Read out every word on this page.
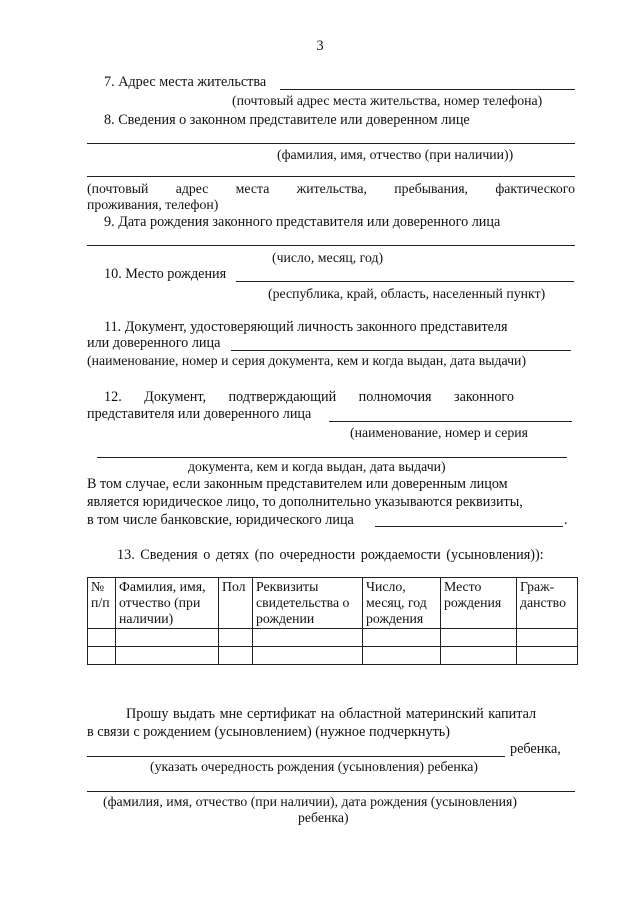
3
7. Адрес места жительства
(почтовый адрес места жительства, номер телефона)
8. Сведения о законном представителе или доверенном лице
(фамилия, имя, отчество (при наличии))
(почтовый адрес места жительства, пребывания, фактического
проживания, телефон)
9. Дата рождения законного представителя или доверенного лица
(число, месяц, год)
10. Место рождения
(республика, край, область, населенный пункт)
11. Документ, удостоверяющий личность законного представителя
или доверенного лица
(наименование, номер и серия документа, кем и когда выдан, дата выдачи)
12. Документ, подтверждающий полномочия законного
представителя или доверенного лица
(наименование, номер и серия
документа, кем и когда выдан, дата выдачи)
В том случае, если законным представителем или доверенным лицом
является юридическое лицо, то дополнительно указываются реквизиты,
в том числе банковские, юридического лица	.
13. Сведения о детях (по очередности рождаемости (усыновления)):
№ п/п	Фамилия, имя, отчество (при наличии)	Пол	Реквизиты свидетельства о рождении	Число, месяц, год рождения	Место рождения	Граж-данство

Прошу выдать мне сертификат на областной материнский капитал
в связи с рождением (усыновлением) (нужное подчеркнуть)
ребенка,
(указать очередность рождения (усыновления) ребенка)
(фамилия, имя, отчество (при наличии), дата рождения (усыновления)
ребенка)
